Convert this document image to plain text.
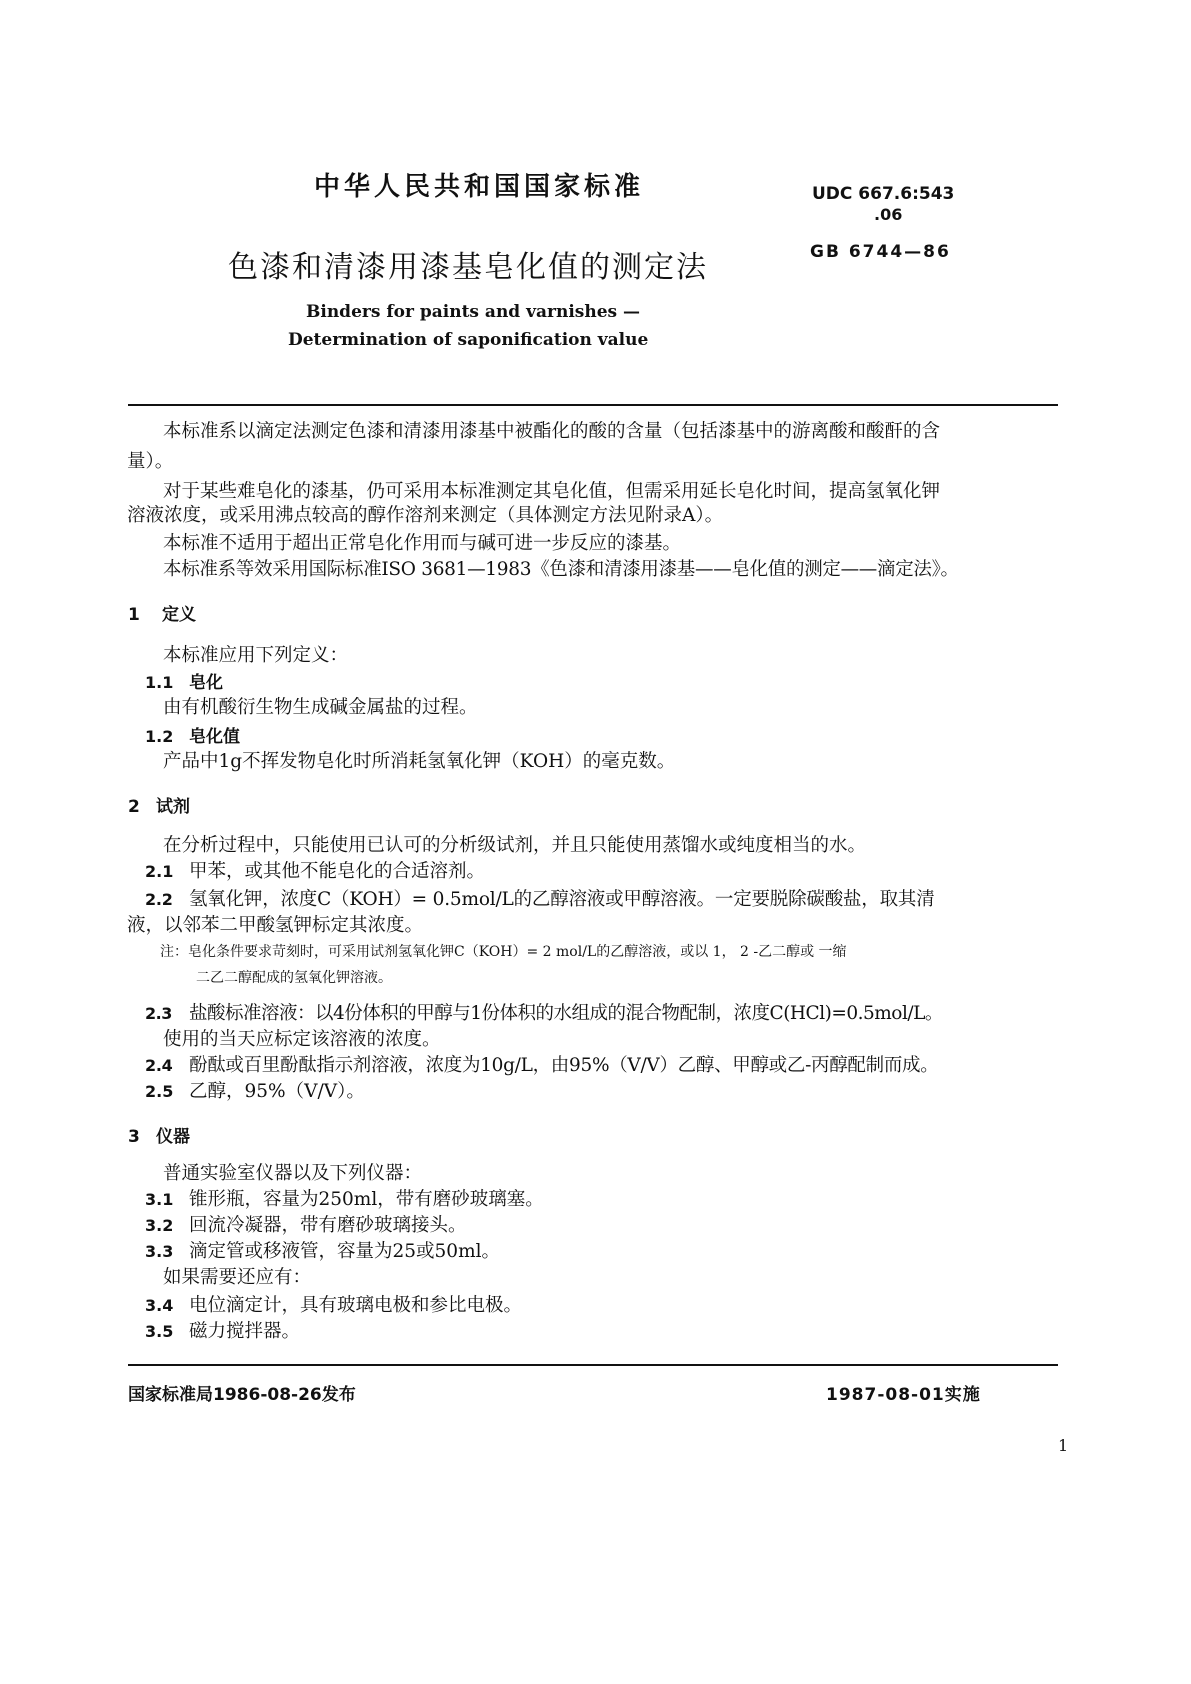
中华人民共和国国家标准	UDC 667.6:543
.06
GB 6744—86
色漆和清漆用漆基皂化值的测定法
Binders for paints and varnishes —
Determination of saponification value
本标准系以滴定法测定色漆和清漆用漆基中被酯化的酸的含量（包括漆基中的游离酸和酸酐的含
量）。
对于某些难皂化的漆基，仍可采用本标准测定其皂化值，但需采用延长皂化时间，提高氢氧化钾
溶液浓度，或采用沸点较高的醇作溶剂来测定（具体测定方法见附录A）。
本标准不适用于超出正常皂化作用而与碱可进一步反应的漆基。
本标准系等效采用国际标准ISO 3681—1983《色漆和清漆用漆基——皂化值的测定——滴定法》。
1 定义
本标准应用下列定义：
1.1 皂化
由有机酸衍生物生成碱金属盐的过程。
1.2 皂化值
产品中1g不挥发物皂化时所消耗氢氧化钾（KOH）的毫克数。
2 试剂
在分析过程中，只能使用已认可的分析级试剂，并且只能使用蒸馏水或纯度相当的水。
2.1 甲苯，或其他不能皂化的合适溶剂。
2.2 氢氧化钾，浓度C（KOH）= 0.5mol/L的乙醇溶液或甲醇溶液。一定要脱除碳酸盐，取其清
液，以邻苯二甲酸氢钾标定其浓度。
注：皂化条件要求苛刻时，可采用试剂氢氧化钾C（KOH）= 2 mol/L的乙醇溶液，或以 1， 2 -乙二醇或 一缩
二乙二醇配成的氢氧化钾溶液。
2.3 盐酸标准溶液：以4份体积的甲醇与1份体积的水组成的混合物配制，浓度C(HCl)=0.5mol/L。
使用的当天应标定该溶液的浓度。
2.4 酚酞或百里酚酞指示剂溶液，浓度为10g/L，由95%（V/V）乙醇、甲醇或乙-丙醇配制而成。
2.5 乙醇，95%（V/V）。
3 仪器
普通实验室仪器以及下列仪器：
3.1 锥形瓶，容量为250ml，带有磨砂玻璃塞。
3.2 回流冷凝器，带有磨砂玻璃接头。
3.3 滴定管或移液管，容量为25或50ml。
如果需要还应有：
3.4 电位滴定计，具有玻璃电极和参比电极。
3.5 磁力搅拌器。
国家标准局1986-08-26发布	1987-08-01实施
1
